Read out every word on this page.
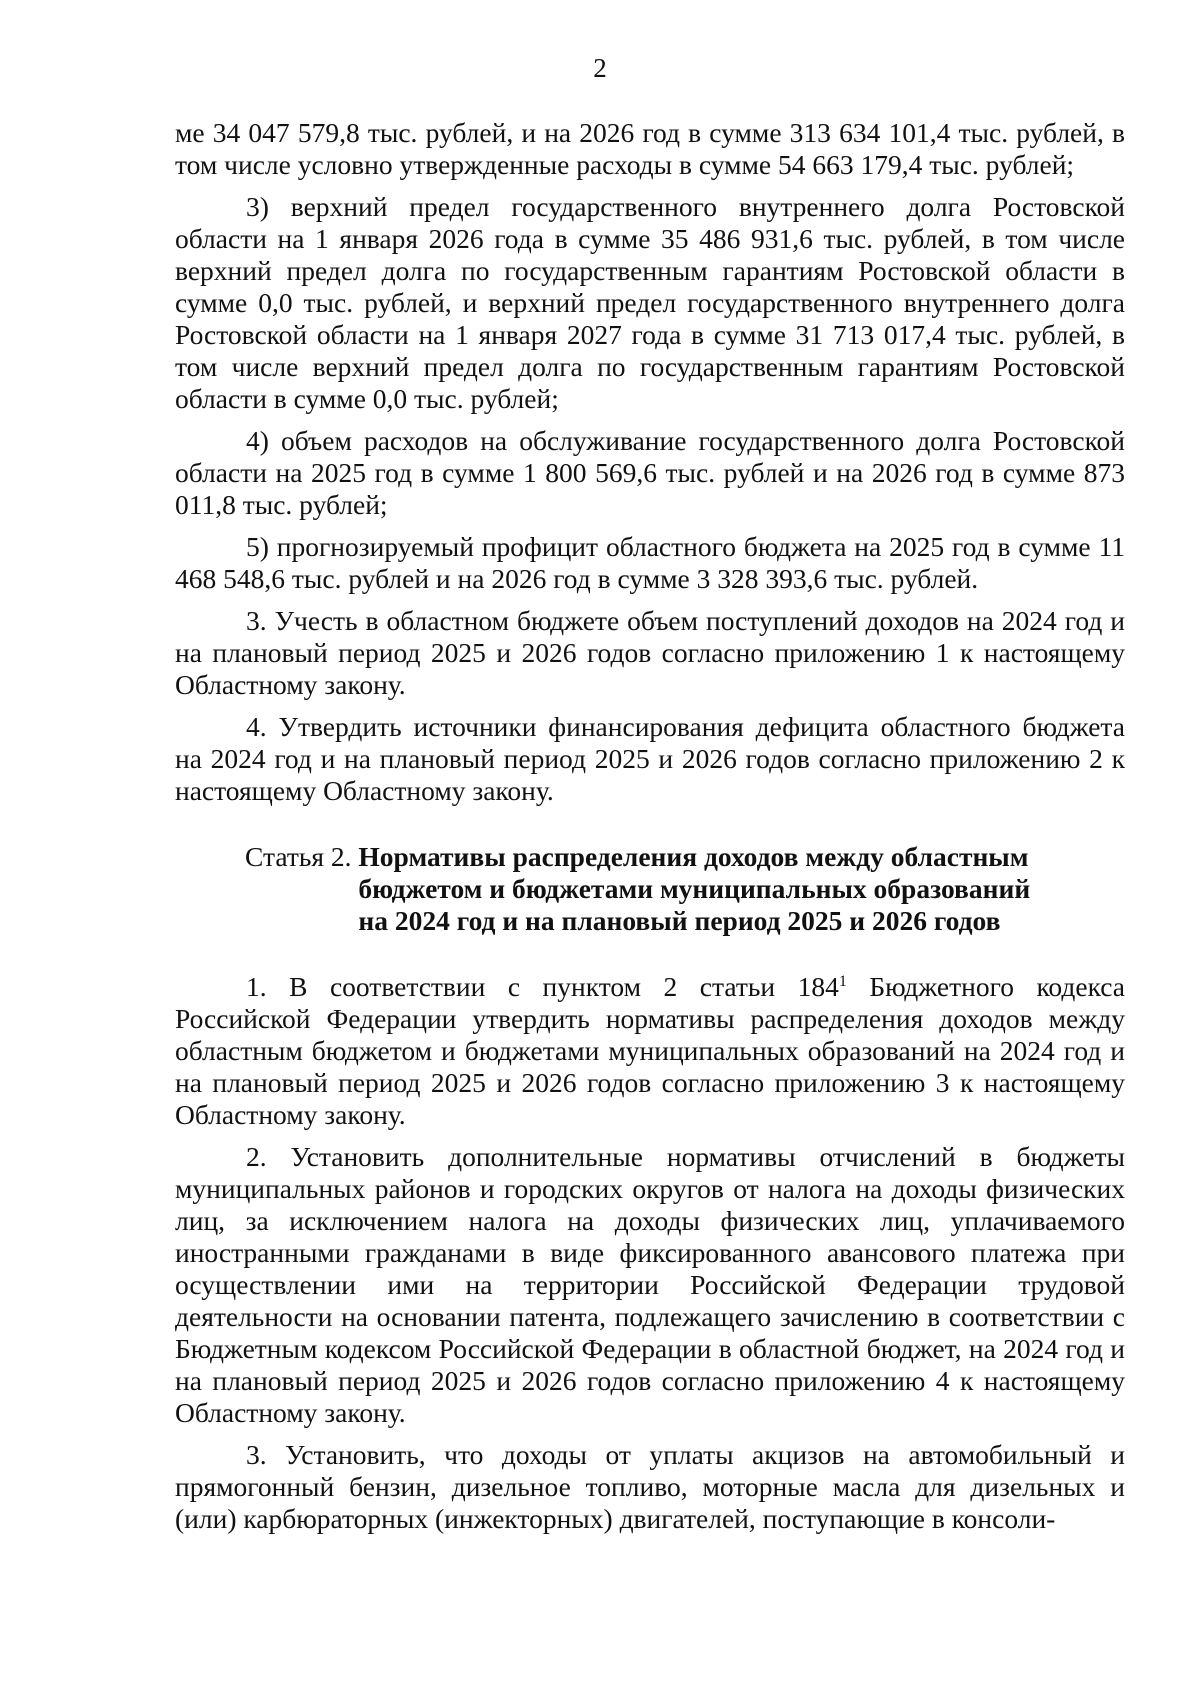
2

ме 34 047 579,8 тыс. рублей, и на 2026 год в сумме 313 634 101,4 тыс. рублей, в том числе условно утвержденные расходы в сумме 54 663 179,4 тыс. рублей;

3) верхний предел государственного внутреннего долга Ростовской области на 1 января 2026 года в сумме 35 486 931,6 тыс. рублей, в том числе верхний предел долга по государственным гарантиям Ростовской области в сумме 0,0 тыс. рублей, и верхний предел государственного внутреннего долга Ростовской области на 1 января 2027 года в сумме 31 713 017,4 тыс. рублей, в том числе верхний предел долга по государственным гарантиям Ростовской области в сумме 0,0 тыс. рублей;

4) объем расходов на обслуживание государственного долга Ростовской области на 2025 год в сумме 1 800 569,6 тыс. рублей и на 2026 год в сумме 873 011,8 тыс. рублей;

5) прогнозируемый профицит областного бюджета на 2025 год в сумме 11 468 548,6 тыс. рублей и на 2026 год в сумме 3 328 393,6 тыс. рублей.

3. Учесть в областном бюджете объем поступлений доходов на 2024 год и на плановый период 2025 и 2026 годов согласно приложению 1 к настоящему Областному закону.

4. Утвердить источники финансирования дефицита областного бюджета на 2024 год и на плановый период 2025 и 2026 годов согласно приложению 2 к настоящему Областному закону.

Статья 2. Нормативы распределения доходов между областным
бюджетом и бюджетами муниципальных образований
на 2024 год и на плановый период 2025 и 2026 годов

1. В соответствии с пунктом 2 статьи $184^1$ Бюджетного кодекса Российской Федерации утвердить нормативы распределения доходов между областным бюджетом и бюджетами муниципальных образований на 2024 год и на плановый период 2025 и 2026 годов согласно приложению 3 к настоящему Областному закону.

2. Установить дополнительные нормативы отчислений в бюджеты муниципальных районов и городских округов от налога на доходы физических лиц, за исключением налога на доходы физических лиц, уплачиваемого иностранными гражданами в виде фиксированного авансового платежа при осуществлении ими на территории Российской Федерации трудовой деятельности на основании патента, подлежащего зачислению в соответствии с Бюджетным кодексом Российской Федерации в областной бюджет, на 2024 год и на плановый период 2025 и 2026 годов согласно приложению 4 к настоящему Областному закону.

3. Установить, что доходы от уплаты акцизов на автомобильный и прямогонный бензин, дизельное топливо, моторные масла для дизельных и (или) карбюраторных (инжекторных) двигателей, поступающие в консоли-
